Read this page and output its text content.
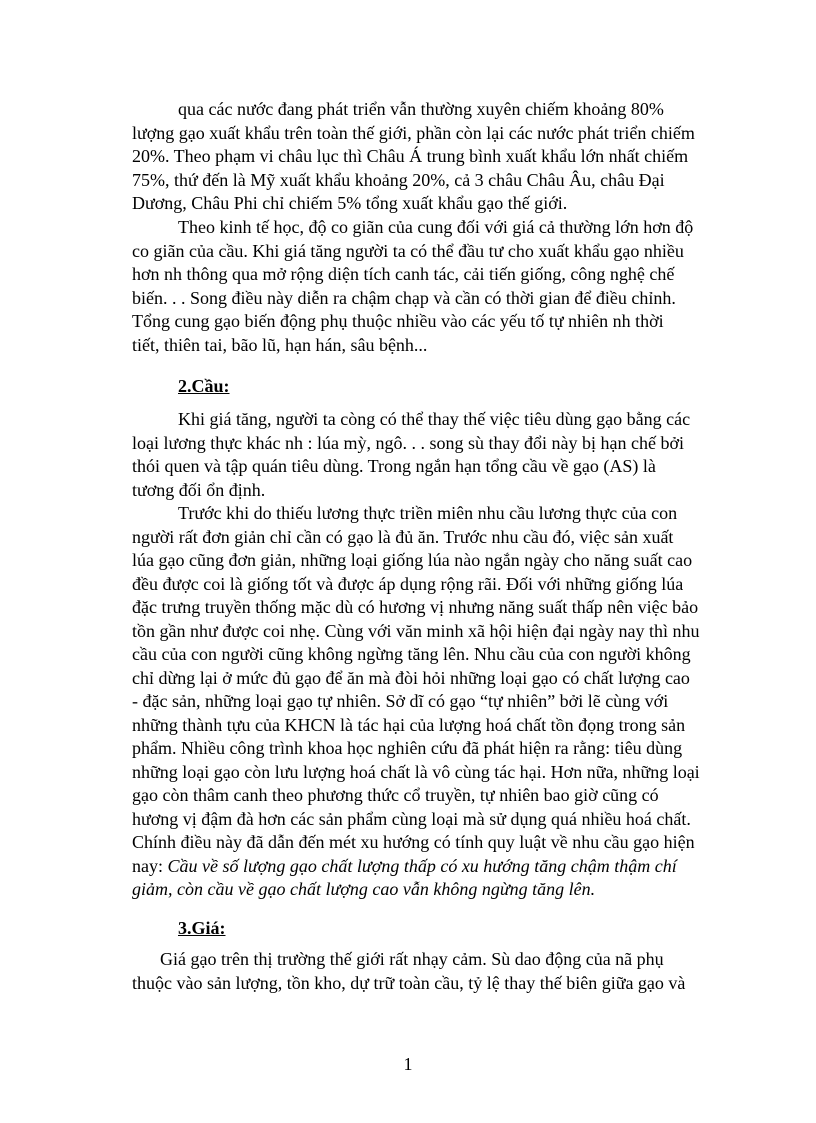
qua các nước đang phát triển vẫn thường xuyên chiếm khoảng 80%
lượng gạo xuất khẩu trên toàn thế giới, phần còn lại các nước phát triển chiếm
20%. Theo phạm vi châu lục thì Châu Á trung bình xuất khẩu lớn nhất chiếm
75%, thứ đến là Mỹ xuất khẩu khoảng 20%, cả 3 châu Châu Âu, châu Đại
Dương, Châu Phi chỉ chiếm 5% tổng xuất khẩu gạo thế giới.

Theo kinh tế học, độ co giãn của cung đối với giá cả thường lớn hơn độ
co giãn của cầu. Khi giá tăng người ta có thể đầu tư cho xuất khẩu gạo nhiều
hơn nh thông qua mở rộng diện tích canh tác, cải tiến giống, công nghệ chế
biến. . . Song điều này diễn ra chậm chạp và cần có thời gian để điều chỉnh.
Tổng cung gạo biến động phụ thuộc nhiều vào các yếu tố tự nhiên nh thời
tiết, thiên tai, bão lũ, hạn hán, sâu bệnh...

2.Cầu:

Khi giá tăng, người ta còng có thể thay thế việc tiêu dùng gạo bằng các
loại lương thực khác nh : lúa mỳ, ngô. . . song sù thay đổi này bị hạn chế bởi
thói quen và tập quán tiêu dùng. Trong ngắn hạn tổng cầu về gạo (AS) là
tương đối ổn định.

Trước khi do thiếu lương thực triền miên nhu cầu lương thực của con
người rất đơn giản chỉ cần có gạo là đủ ăn. Trước nhu cầu đó, việc sản xuất
lúa gạo cũng đơn giản, những loại giống lúa nào ngắn ngày cho năng suất cao
đều được coi là giống tốt và được áp dụng rộng rãi. Đối với những giống lúa
đặc trưng truyền thống mặc dù có hương vị nhưng năng suất thấp nên việc bảo
tồn gần như được coi nhẹ. Cùng với văn minh xã hội hiện đại ngày nay thì nhu
cầu của con người cũng không ngừng tăng lên. Nhu cầu của con người không
chỉ dừng lại ở mức đủ gạo để ăn mà đòi hỏi những loại gạo có chất lượng cao
- đặc sản, những loại gạo tự nhiên. Sở dĩ có gạo “tự nhiên” bởi lẽ cùng với
những thành tựu của KHCN là tác hại của lượng hoá chất tồn đọng trong sản
phẩm. Nhiều công trình khoa học nghiên cứu đã phát hiện ra rằng: tiêu dùng
những loại gạo còn lưu lượng hoá chất là vô cùng tác hại. Hơn nữa, những loại
gạo còn thâm canh theo phương thức cổ truyền, tự nhiên bao giờ cũng có
hương vị đậm đà hơn các sản phẩm cùng loại mà sử dụng quá nhiều hoá chất.
Chính điều này đã dẫn đến mét xu hướng có tính quy luật về nhu cầu gạo hiện
nay: Cầu về số lượng gạo chất lượng thấp có xu hướng tăng chậm thậm chí
giảm, còn cầu về gạo chất lượng cao vẫn không ngừng tăng lên.

3.Giá:

Giá gạo trên thị trường thế giới rất nhạy cảm. Sù dao động của nã phụ
thuộc vào sản lượng, tồn kho, dự trữ toàn cầu, tỷ lệ thay thế biên giữa gạo và

1
